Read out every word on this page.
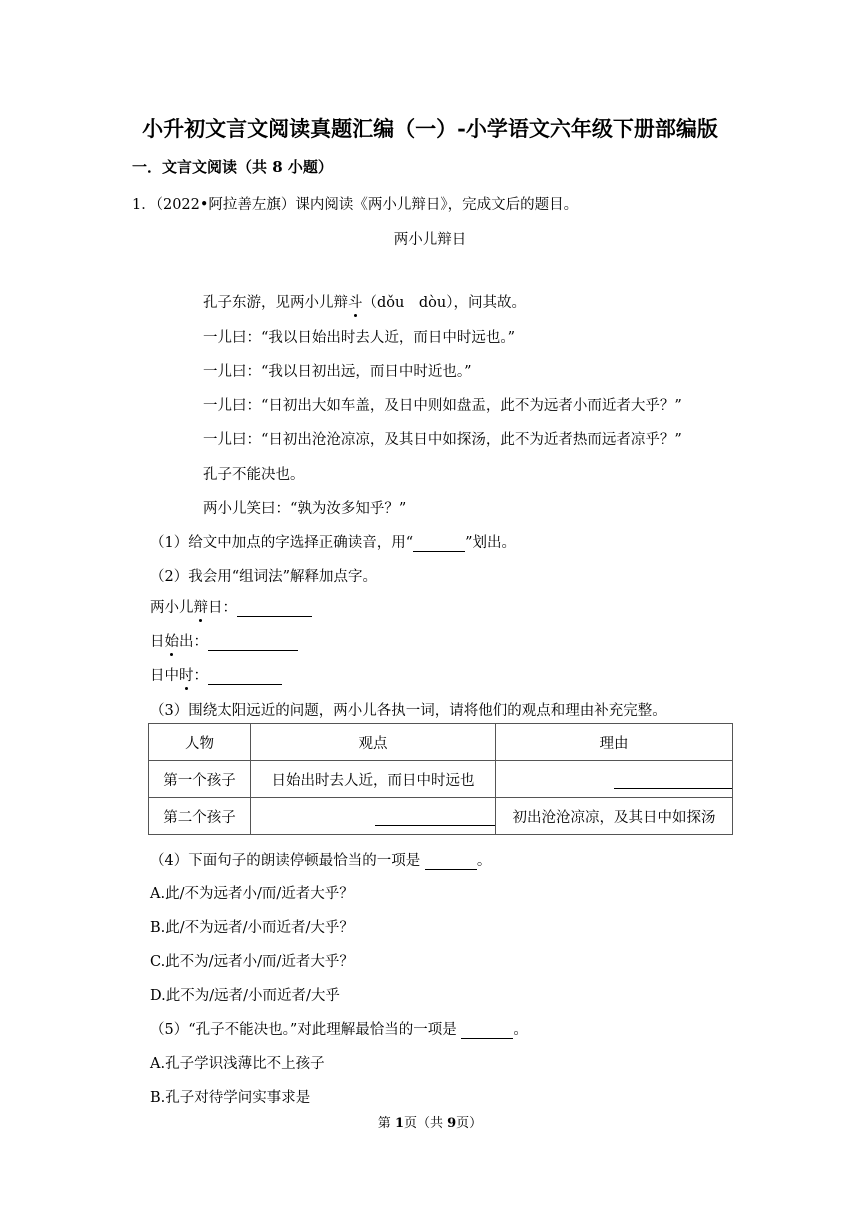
小升初文言文阅读真题汇编（一）-小学语文六年级下册部编版
一．文言文阅读（共 8 小题）
1．（2022•阿拉善左旗）课内阅读《两小儿辩日》，完成文后的题目。
两小儿辩日
孔子东游，见两小儿辩斗（dǒu　dòu），问其故。
一儿曰：“我以日始出时去人近，而日中时远也。”
一儿曰：“我以日初出远，而日中时近也。”
一儿曰：“日初出大如车盖，及日中则如盘盂，此不为远者小而近者大乎？”
一儿曰：“日初出沧沧凉凉，及其日中如探汤，此不为近者热而远者凉乎？”
孔子不能决也。
两小儿笑曰：“孰为汝多知乎？”
（1）给文中加点的字选择正确读音，用“	”划出。
（2）我会用“组词法”解释加点字。
两小儿辩日：
日始出：
日中时：
（3）围绕太阳远近的问题，两小儿各执一词，请将他们的观点和理由补充完整。
人物	观点	理由
第一个孩子	日始出时去人近，而日中时远也	
第二个孩子		初出沧沧凉凉，及其日中如探汤
（4）下面句子的朗读停顿最恰当的一项是	。
A.此/不为远者小/而/近者大乎？
B.此/不为远者/小而近者/大乎？
C.此不为/远者小/而/近者大乎？
D.此不为/远者/小而近者/大乎
（5）“孔子不能决也。”对此理解最恰当的一项是	。
A.孔子学识浅薄比不上孩子
B.孔子对待学问实事求是
第 1页（共 9页）
